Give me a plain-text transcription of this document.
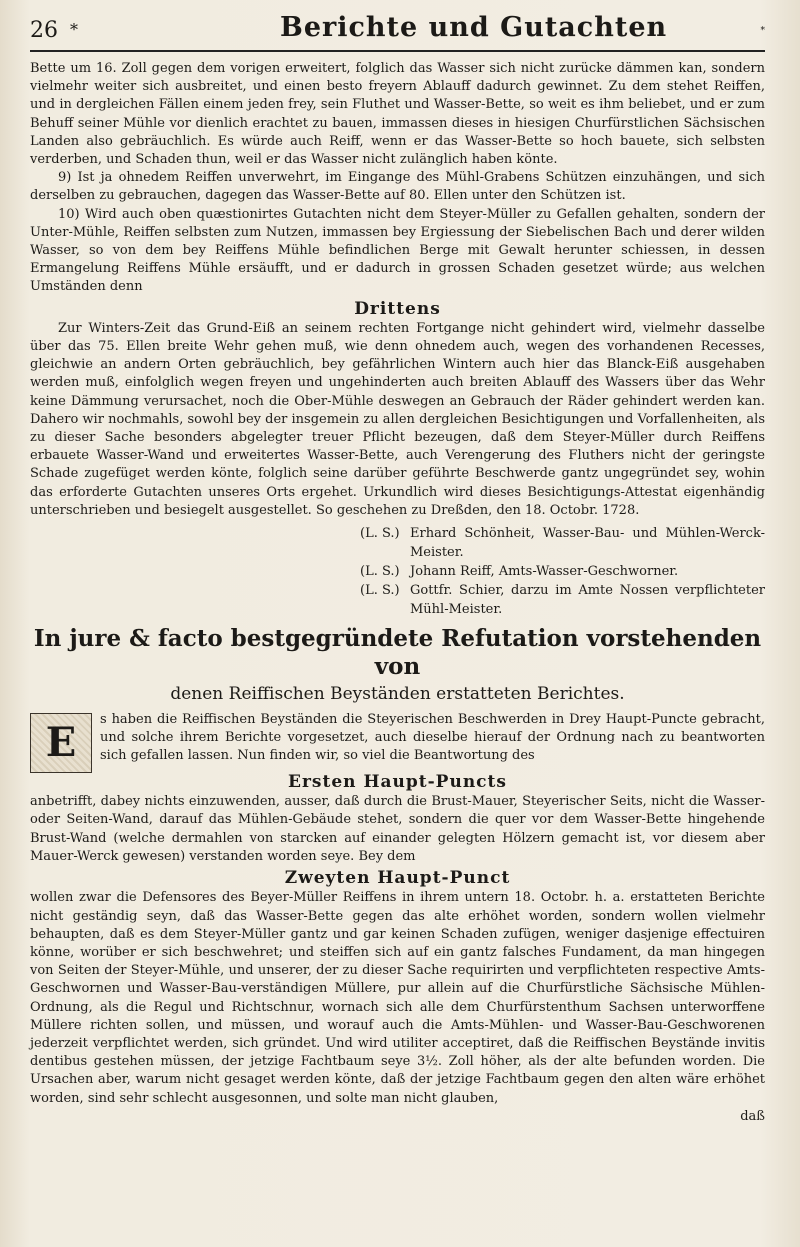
26 *	Berichte und Gutachten	*

Bette um 16. Zoll gegen dem vorigen erweitert, folglich das Wasser sich nicht zurücke dämmen kan, sondern vielmehr weiter sich ausbreitet, und einen besto freyern Ablauff dadurch gewinnet. Zu dem stehet Reiffen, und in dergleichen Fällen einem jeden frey, sein Fluthet und Wasser-Bette, so weit es ihm beliebet, und er zum Behuff seiner Mühle vor dienlich erachtet zu bauen, immassen dieses in hiesigen Churfürstlichen Sächsischen Landen also gebräuchlich. Es würde auch Reiff, wenn er das Wasser-Bette so hoch bauete, sich selbsten verderben, und Schaden thun, weil er das Wasser nicht zulänglich haben könte.

9) Ist ja ohnedem Reiffen unverwehrt, im Eingange des Mühl-Grabens Schützen einzuhängen, und sich derselben zu gebrauchen, dagegen das Wasser-Bette auf 80. Ellen unter den Schützen ist.

10) Wird auch oben quæstionirtes Gutachten nicht dem Steyer-Müller zu Gefallen gehalten, sondern der Unter-Mühle, Reiffen selbsten zum Nutzen, immassen bey Ergiessung der Siebelischen Bach und derer wilden Wasser, so von dem bey Reiffens Mühle befindlichen Berge mit Gewalt herunter schiessen, in dessen Ermangelung Reiffens Mühle ersäufft, und er dadurch in grossen Schaden gesetzet würde; aus welchen Umständen denn

Drittens

Zur Winters-Zeit das Grund-Eiß an seinem rechten Fortgange nicht gehindert wird, vielmehr dasselbe über das 75. Ellen breite Wehr gehen muß, wie denn ohnedem auch, wegen des vorhandenen Recesses, gleichwie an andern Orten gebräuchlich, bey gefährlichen Wintern auch hier das Blanck-Eiß ausgehaben werden muß, einfolglich wegen freyen und ungehinderten auch breiten Ablauff des Wassers über das Wehr keine Dämmung verursachet, noch die Ober-Mühle deswegen an Gebrauch der Räder gehindert werden kan. Dahero wir nochmahls, sowohl bey der insgemein zu allen dergleichen Besichtigungen und Vorfallenheiten, als zu dieser Sache besonders abgelegter treuer Pflicht bezeugen, daß dem Steyer-Müller durch Reiffens erbauete Wasser-Wand und erweitertes Wasser-Bette, auch Verengerung des Fluthers nicht der geringste Schade zugefüget werden könte, folglich seine darüber geführte Beschwerde gantz ungegründet sey, wohin das erforderte Gutachten unseres Orts ergehet. Urkundlich wird dieses Besichtigungs-Attestat eigenhändig unterschrieben und besiegelt ausgestellet. So geschehen zu Dreßden, den 18. Octobr. 1728.

(L. S.) Erhard Schönheit, Wasser-Bau- und Mühlen-Werck-Meister.
(L. S.) Johann Reiff, Amts-Wasser-Geschworner.
(L. S.) Gottfr. Schier, darzu im Amte Nossen verpflichteter Mühl-Meister.
In jure & facto bestgegründete Refutation vorstehenden von
denen Reiffischen Beyständen erstatteten Berichtes.
E	s haben die Reiffischen Beyständen die Steyerischen Beschwerden in Drey Haupt-Puncte gebracht, und solche ihrem Berichte vorgesetzet, auch dieselbe hierauf der Ordnung nach zu beantworten sich gefallen lassen. Nun finden wir, so viel die Beantwortung des

Ersten Haupt-Puncts

anbetrifft, dabey nichts einzuwenden, ausser, daß durch die Brust-Mauer, Steyerischer Seits, nicht die Wasser- oder Seiten-Wand, darauf das Mühlen-Gebäude stehet, sondern die quer vor dem Wasser-Bette hingehende Brust-Wand (welche dermahlen von starcken auf einander gelegten Hölzern gemacht ist, vor diesem aber Mauer-Werck gewesen) verstanden worden seye. Bey dem

Zweyten Haupt-Punct

wollen zwar die Defensores des Beyer-Müller Reiffens in ihrem untern 18. Octobr. h. a. erstatteten Berichte nicht geständig seyn, daß das Wasser-Bette gegen das alte erhöhet worden, sondern wollen vielmehr behaupten, daß es dem Steyer-Müller gantz und gar keinen Schaden zufügen, weniger dasjenige effectuiren könne, worüber er sich beschwehret; und steiffen sich auf ein gantz falsches Fundament, da man hingegen von Seiten der Steyer-Mühle, und unserer, der zu dieser Sache requirirten und verpflichteten respective Amts-Geschwornen und Wasser-Bau-verständigen Müllere, pur allein auf die Churfürstliche Sächsische Mühlen-Ordnung, als die Regul und Richtschnur, wornach sich alle dem Churfürstenthum Sachsen unterworffene Müllere richten sollen, und müssen, und worauf auch die Amts-Mühlen- und Wasser-Bau-Geschworenen jederzeit verpflichtet werden, sich gründet. Und wird utiliter acceptiret, daß die Reiffischen Beystände invitis dentibus gestehen müssen, der jetzige Fachtbaum seye 3½. Zoll höher, als der alte befunden worden. Die Ursachen aber, warum nicht gesaget werden könte, daß der jetzige Fachtbaum gegen den alten wäre erhöhet worden, sind sehr schlecht ausgesonnen, und solte man nicht glauben,

daß
